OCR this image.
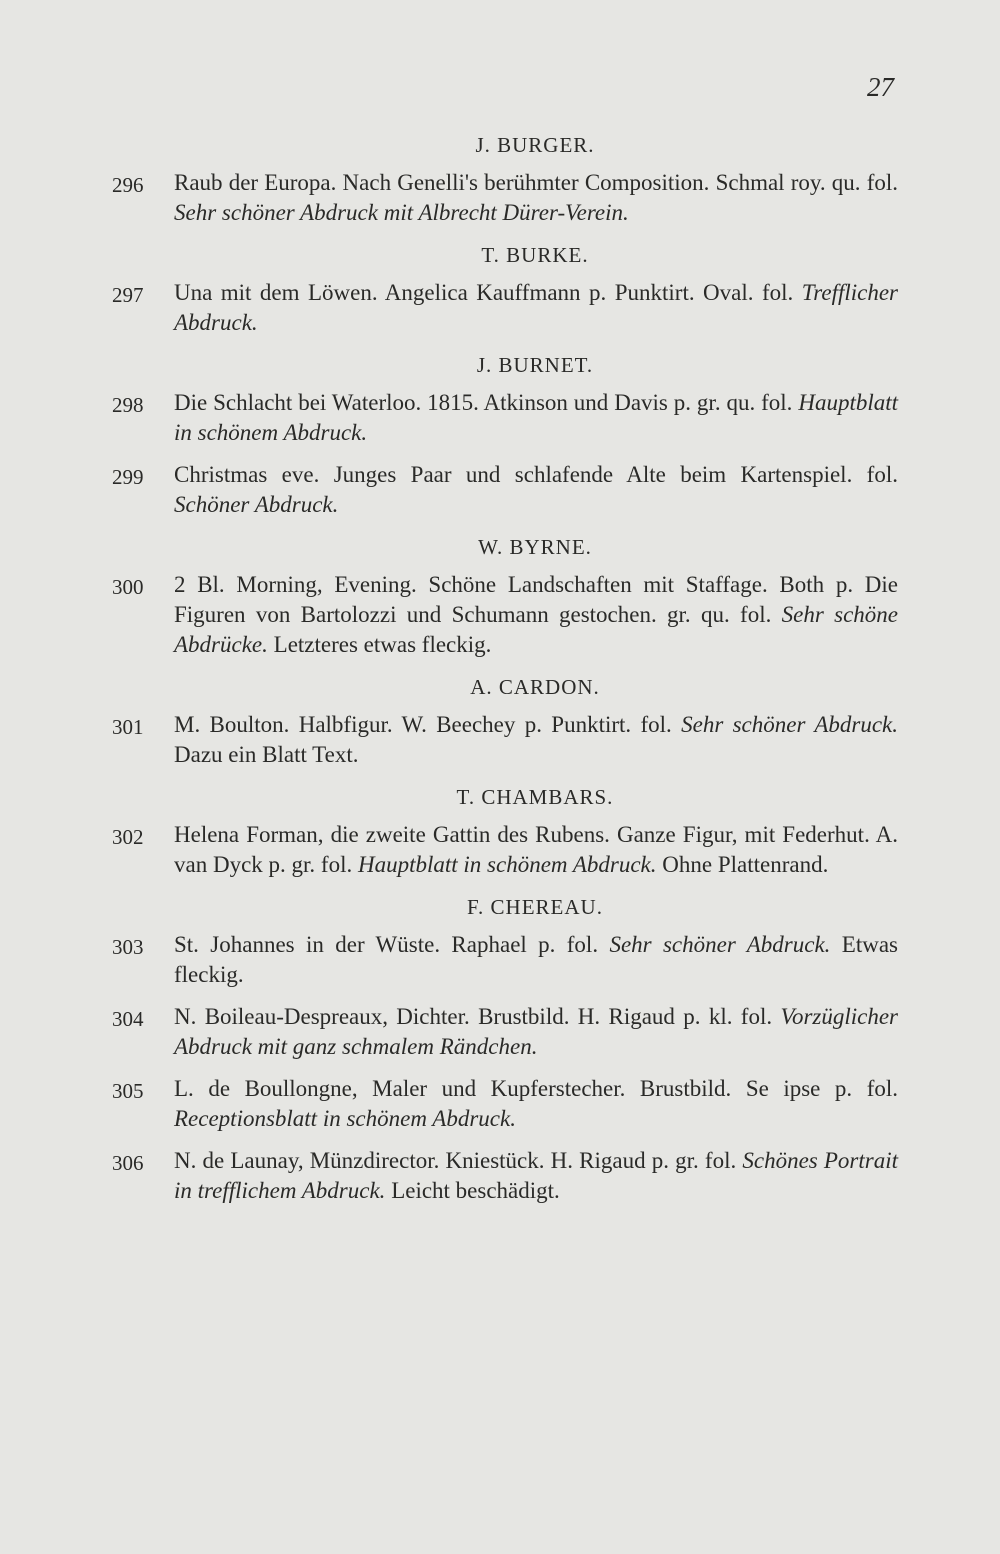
27
J. BURGER.
296 Raub der Europa. Nach Genelli's berühmter Composition. Schmal roy. qu. fol. Sehr schöner Abdruck mit Albrecht Dürer-Verein.
T. BURKE.
297 Una mit dem Löwen. Angelica Kauffmann p. Punktirt. Oval. fol. Trefflicher Abdruck.
J. BURNET.
298 Die Schlacht bei Waterloo. 1815. Atkinson und Davis p. gr. qu. fol. Hauptblatt in schönem Abdruck.
299 Christmas eve. Junges Paar und schlafende Alte beim Kartenspiel. fol. Schöner Abdruck.
W. BYRNE.
300 2 Bl. Morning, Evening. Schöne Landschaften mit Staffage. Both p. Die Figuren von Bartolozzi und Schumann gestochen. gr. qu. fol. Sehr schöne Abdrücke. Letzteres etwas fleckig.
A. CARDON.
301 M. Boulton. Halbfigur. W. Beechey p. Punktirt. fol. Sehr schöner Abdruck. Dazu ein Blatt Text.
T. CHAMBARS.
302 Helena Forman, die zweite Gattin des Rubens. Ganze Figur, mit Federhut. A. van Dyck p. gr. fol. Hauptblatt in schönem Abdruck. Ohne Plattenrand.
F. CHEREAU.
303 St. Johannes in der Wüste. Raphael p. fol. Sehr schöner Abdruck. Etwas fleckig.
304 N. Boileau-Despreaux, Dichter. Brustbild. H. Rigaud p. kl. fol. Vorzüglicher Abdruck mit ganz schmalem Rändchen.
305 L. de Boullongne, Maler und Kupferstecher. Brustbild. Se ipse p. fol. Receptionsblatt in schönem Abdruck.
306 N. de Launay, Münzdirector. Kniestück. H. Rigaud p. gr. fol. Schönes Portrait in trefflichem Abdruck. Leicht beschädigt.
